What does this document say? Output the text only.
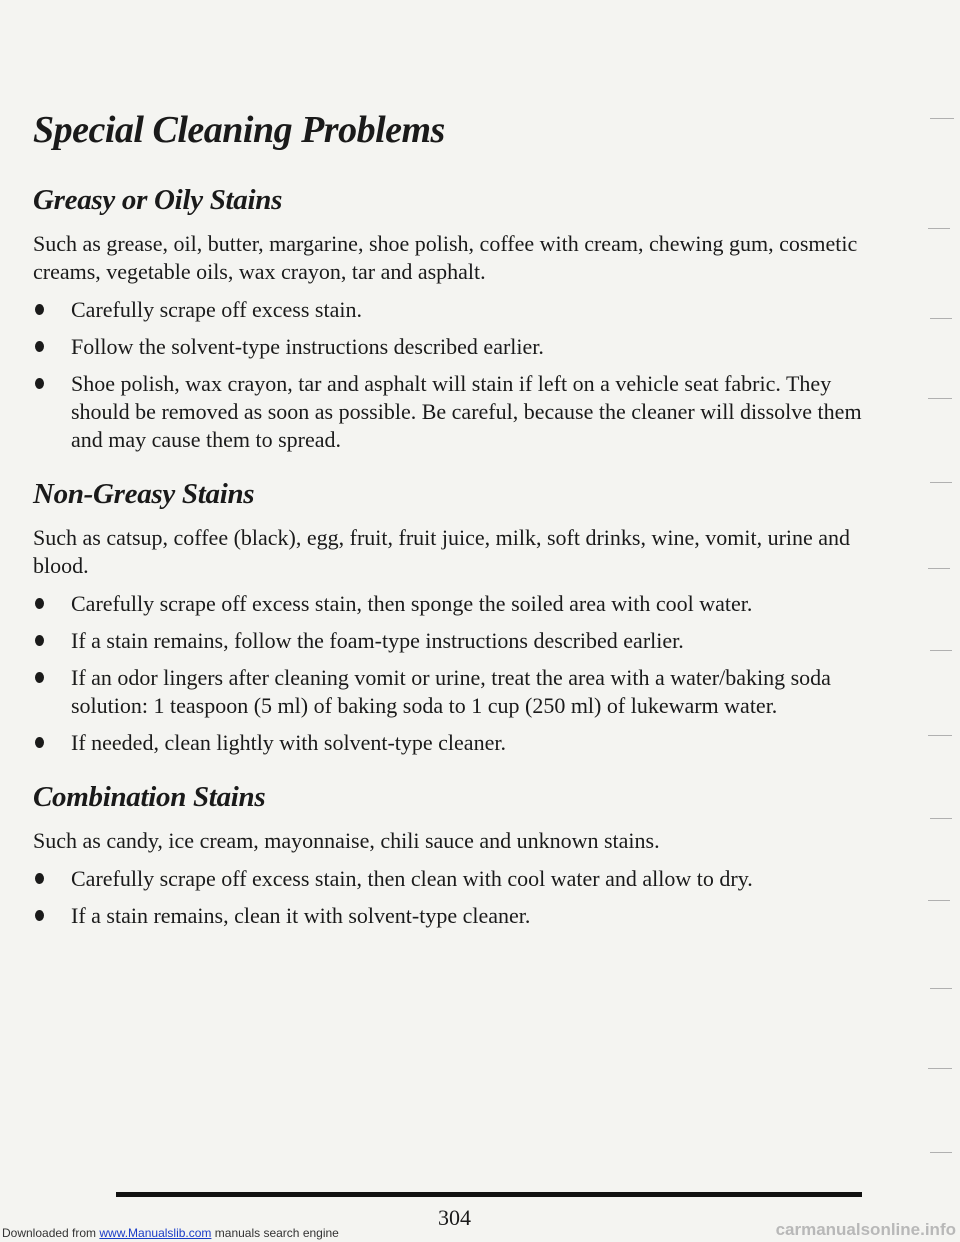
Special Cleaning Problems
Greasy or Oily Stains

Such as grease, oil, butter, margarine, shoe polish, coffee with cream, chewing gum, cosmetic creams, vegetable oils, wax crayon, tar and asphalt.

Carefully scrape off excess stain.
Follow the solvent-type instructions described earlier.
Shoe polish, wax crayon, tar and asphalt will stain if left on a vehicle seat fabric. They should be removed as soon as possible. Be careful, because the cleaner will dissolve them and may cause them to spread.
Non-Greasy Stains

Such as catsup, coffee (black), egg, fruit, fruit juice, milk, soft drinks, wine, vomit, urine and blood.

Carefully scrape off excess stain, then sponge the soiled area with cool water.
If a stain remains, follow the foam-type instructions described earlier.
If an odor lingers after cleaning vomit or urine, treat the area with a water/baking soda solution: 1 teaspoon (5 ml) of baking soda to 1 cup (250 ml) of lukewarm water.
If needed, clean lightly with solvent-type cleaner.
Combination Stains

Such as candy, ice cream, mayonnaise, chili sauce and unknown stains.

Carefully scrape off excess stain, then clean with cool water and allow to dry.
If a stain remains, clean it with solvent-type cleaner.
304
Downloaded from www.Manualslib.com manuals search engine	carmanualsonline.info
